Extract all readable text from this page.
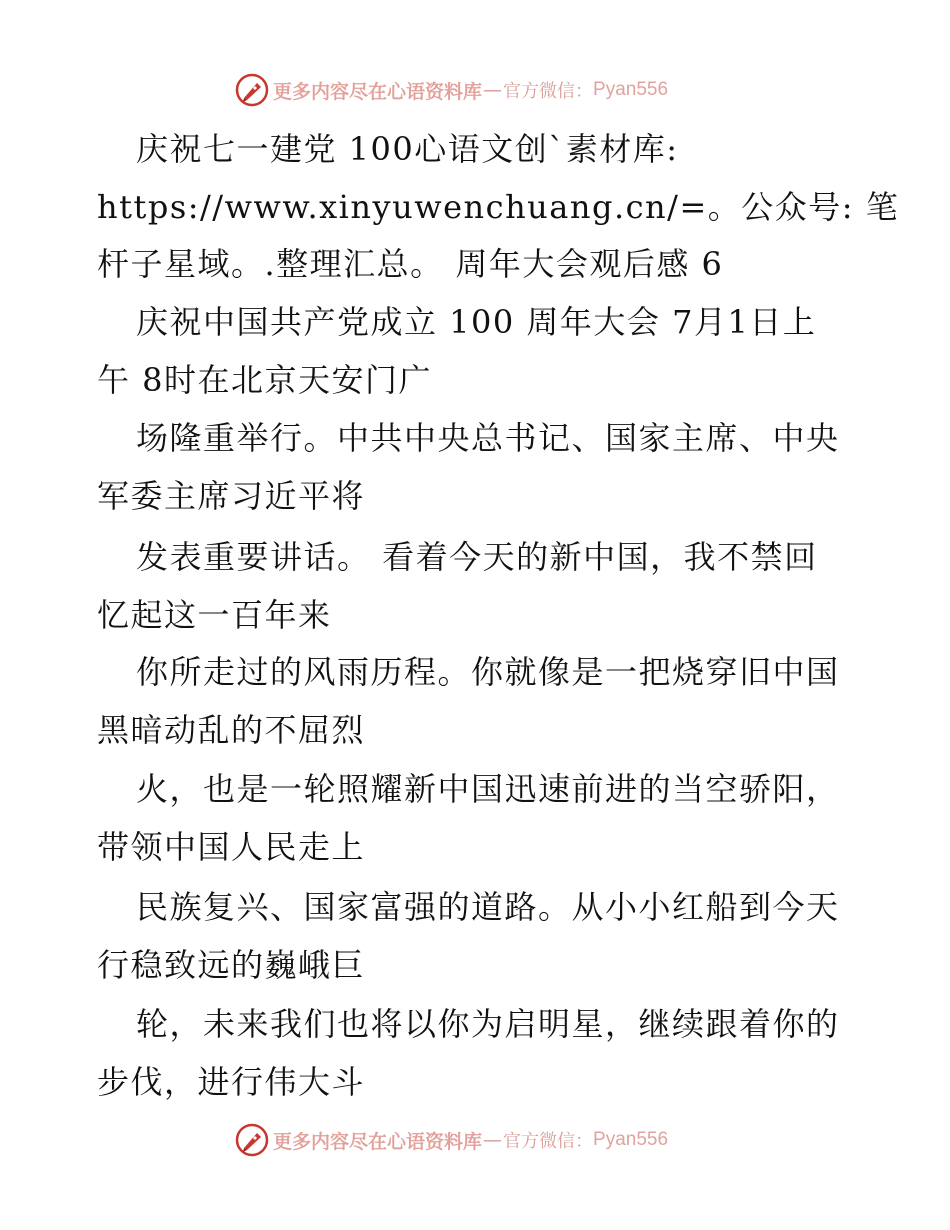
更多内容尽在心语资料库 — 官方微信： Pyan556
庆祝七一建党 100心语文创`素材库:
https://www.xinyuwenchuang.cn/=。公众号: 笔
杆子星域。.整理汇总。 周年大会观后感 6
庆祝中国共产党成立 100 周年大会 7月1日上
午 8时在北京天安门广
场隆重举行。中共中央总书记、国家主席、中央
军委主席习近平将
发表重要讲话。 看着今天的新中国，我不禁回
忆起这一百年来
你所走过的风雨历程。你就像是一把烧穿旧中国
黑暗动乱的不屈烈
火，也是一轮照耀新中国迅速前进的当空骄阳，
带领中国人民走上
民族复兴、国家富强的道路。从小小红船到今天
行稳致远的巍峨巨
轮，未来我们也将以你为启明星，继续跟着你的
步伐，进行伟大斗
更多内容尽在心语资料库 — 官方微信： Pyan556
